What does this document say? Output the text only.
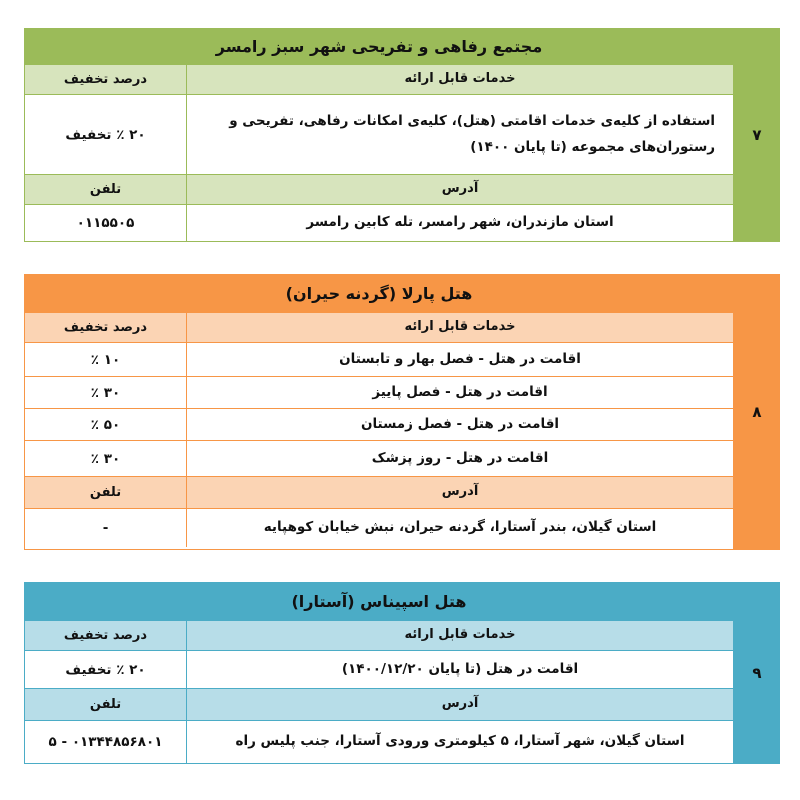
۷
مجتمع رفاهی و تفریحی شهر سبز رامسر
خدمات قابل ارائه
درصد تخفیف
استفاده از کلیه‌ی خدمات اقامتی (هتل)، کلیه‌ی امکانات رفاهی، تفریحی و رستوران‌های مجموعه (تا پایان ۱۴۰۰)
۲۰ ٪ تخفیف
آدرس
تلفن
استان مازندران، شهر رامسر، تله کابین رامسر
۰۱۱۵۵۰۵
۸
هتل پارلا (گردنه حیران)
خدمات قابل ارائه
درصد تخفیف
اقامت در هتل - فصل بهار و تابستان
۱۰ ٪
اقامت در هتل - فصل پاییز
۳۰ ٪
اقامت در هتل - فصل زمستان
۵۰ ٪
اقامت در هتل - روز پزشک
۳۰ ٪
آدرس
تلفن
استان گیلان، بندر آستارا، گردنه حیران، نبش خیابان کوهپایه
-
۹
هتل اسپیناس (آستارا)
خدمات قابل ارائه
درصد تخفیف
اقامت در هتل (تا پایان ۱۴۰۰/۱۲/۲۰)
۲۰ ٪ تخفیف
آدرس
تلفن
استان گیلان، شهر آستارا، ۵ کیلومتری ورودی آستارا، جنب پلیس راه
۰۱۳۴۴۸۵۶۸۰۱ - ۵
